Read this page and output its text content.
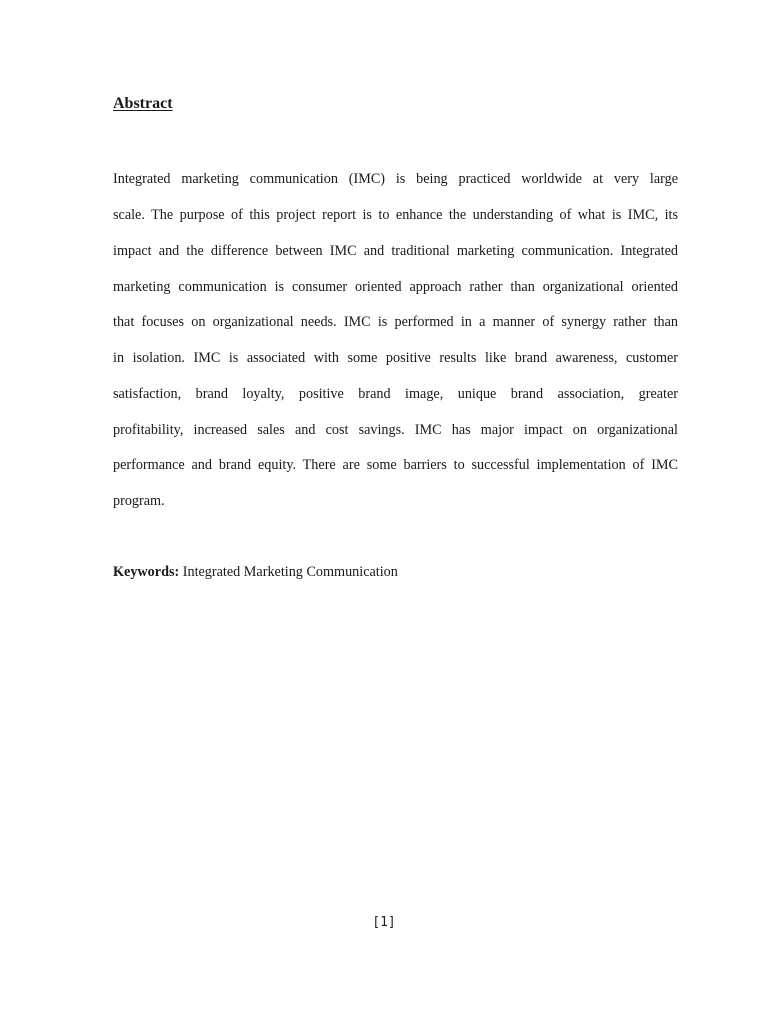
Abstract
Integrated marketing communication (IMC) is being practiced worldwide at very large
scale. The purpose of this project report is to enhance the understanding of what is IMC, its
impact and the difference between IMC and traditional marketing communication. Integrated
marketing communication is consumer oriented approach rather than organizational oriented
that focuses on organizational needs. IMC is performed in a manner of synergy rather than
in isolation. IMC is associated with some positive results like brand awareness, customer
satisfaction, brand loyalty, positive brand image, unique brand association, greater
profitability, increased sales and cost savings. IMC has major impact on organizational
performance and brand equity. There are some barriers to successful implementation of IMC
program.
Keywords: Integrated Marketing Communication
[1]
